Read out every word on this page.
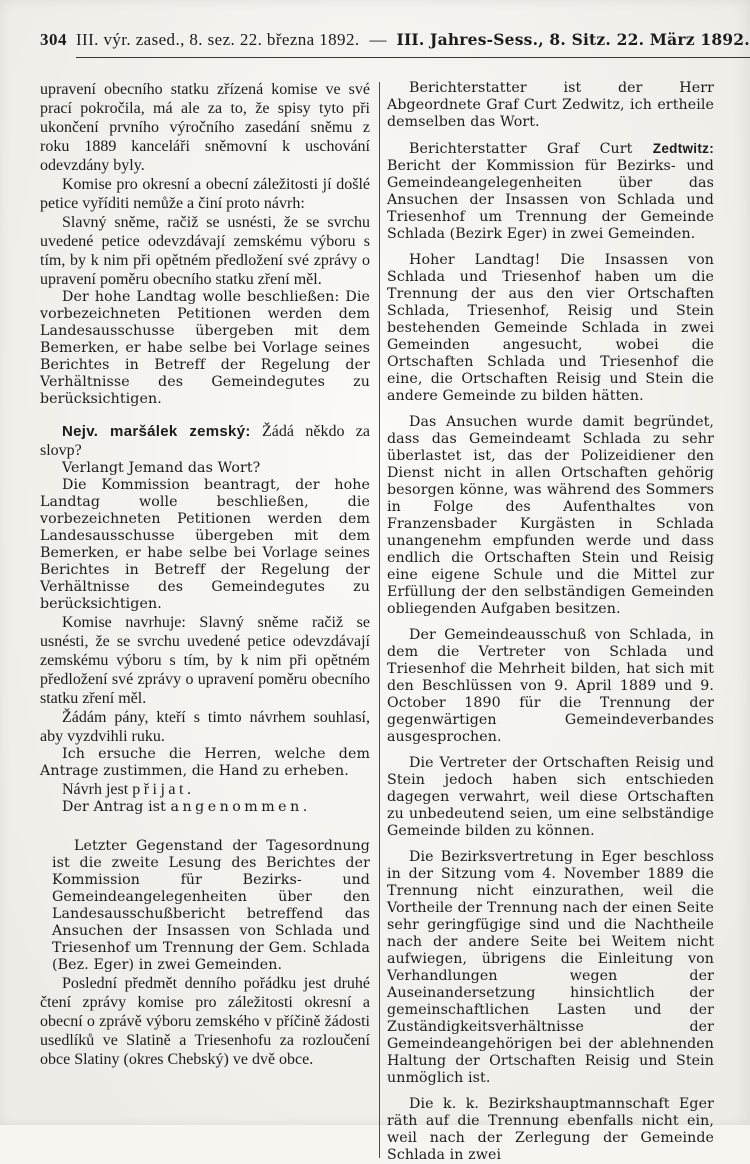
304 III. výr. zased., 8. sez. 22. března 1892. — III. Jahres-Sess., 8. Sitz. 22. März 1892.

upravení obecního statku zřízená komise ve své prací pokročila, má ale za to, že spisy tyto při ukončení prvního výročního zasedání sněmu z roku 1889 kanceláři sněmovní k uschování odevzdány byly.

Komise pro okresní a obecní záležitosti jí došlé petice vyříditi nemůže a činí proto návrh:

Slavný sněme, račiž se usnésti, že se svrchu uvedené petice odevzdávají zemskému výboru s tím, by k nim při opětném předložení své zprávy o upravení poměru obecního statku zření měl.

Der hohe Landtag wolle beschließen: Die vorbezeichneten Petitionen werden dem Landesausschusse übergeben mit dem Bemerken, er habe selbe bei Vorlage seines Berichtes in Betreff der Regelung der Verhältnisse des Gemeindegutes zu berücksichtigen.

Nejv. maršálek zemský: Žádá někdo za slovp?

Verlangt Jemand das Wort?

Die Kommission beantragt, der hohe Landtag wolle beschließen, die vorbezeichneten Petitionen werden dem Landesausschusse übergeben mit dem Bemerken, er habe selbe bei Vorlage seines Berichtes in Betreff der Regelung der Verhältnisse des Gemeindegutes zu berücksichtigen.

Komise navrhuje: Slavný sněme račiž se usnésti, že se svrchu uvedené petice odevzdávají zemskému výboru s tím, by k nim při opětném předložení své zprávy o upravení poměru obecního statku zření měl.

Žádám pány, kteří s timto návrhem souhlasí, aby vyzdvihli ruku.

Ich ersuche die Herren, welche dem Antrage zustimmen, die Hand zu erheben.

Návrh jest přijat.

Der Antrag ist angenommen.

Letzter Gegenstand der Tagesordnung ist die zweite Lesung des Berichtes der Kommission für Bezirks- und Gemeindeangelegenheiten über den Landesausschußbericht betreffend das Ansuchen der Insassen von Schlada und Triesenhof um Trennung der Gem. Schlada (Bez. Eger) in zwei Gemeinden.

Poslední předmět denního pořádku jest druhé čtení zprávy komise pro záležitosti okresní a obecní o zprávě výboru zemského v příčině žádosti usedlíků ve Slatině a Triesenhofu za rozloučení obce Slatiny (okres Chebský) ve dvě obce.

Berichterstatter ist der Herr Abgeordnete Graf Curt Zedwitz, ich ertheile demselben das Wort.

Berichterstatter Graf Curt Zedtwitz: Bericht der Kommission für Bezirks- und Gemeindeangelegenheiten über das Ansuchen der Insassen von Schlada und Triesenhof um Trennung der Gemeinde Schlada (Bezirk Eger) in zwei Gemeinden.

Hoher Landtag! Die Insassen von Schlada und Triesenhof haben um die Trennung der aus den vier Ortschaften Schlada, Triesenhof, Reisig und Stein bestehenden Gemeinde Schlada in zwei Gemeinden angesucht, wobei die Ortschaften Schlada und Triesenhof die eine, die Ortschaften Reisig und Stein die andere Gemeinde zu bilden hätten.

Das Ansuchen wurde damit begründet, dass das Gemeindeamt Schlada zu sehr überlastet ist, das der Polizeidiener den Dienst nicht in allen Ortschaften gehörig besorgen könne, was während des Sommers in Folge des Aufenthaltes von Franzensbader Kurgästen in Schlada unangenehm empfunden werde und dass endlich die Ortschaften Stein und Reisig eine eigene Schule und die Mittel zur Erfüllung der den selbständigen Gemeinden obliegenden Aufgaben besitzen.

Der Gemeindeausschuß von Schlada, in dem die Vertreter von Schlada und Triesenhof die Mehrheit bilden, hat sich mit den Beschlüssen von 9. April 1889 und 9. October 1890 für die Trennung der gegenwärtigen Gemeindeverbandes ausgesprochen.

Die Vertreter der Ortschaften Reisig und Stein jedoch haben sich entschieden dagegen verwahrt, weil diese Ortschaften zu unbedeutend seien, um eine selbständige Gemeinde bilden zu können.

Die Bezirksvertretung in Eger beschloss in der Sitzung vom 4. November 1889 die Trennung nicht einzurathen, weil die Vortheile der Trennung nach der einen Seite sehr geringfügige sind und die Nachtheile nach der andere Seite bei Weitem nicht aufwiegen, übrigens die Einleitung von Verhandlungen wegen der Auseinandersetzung hinsichtlich der gemeinschaftlichen Lasten und der Zuständigkeitsverhältnisse der Gemeindeangehörigen bei der ablehnenden Haltung der Ortschaften Reisig und Stein unmöglich ist.

Die k. k. Bezirkshauptmannschaft Eger räth auf die Trennung ebenfalls nicht ein, weil nach der Zerlegung der Gemeinde Schlada in zwei
